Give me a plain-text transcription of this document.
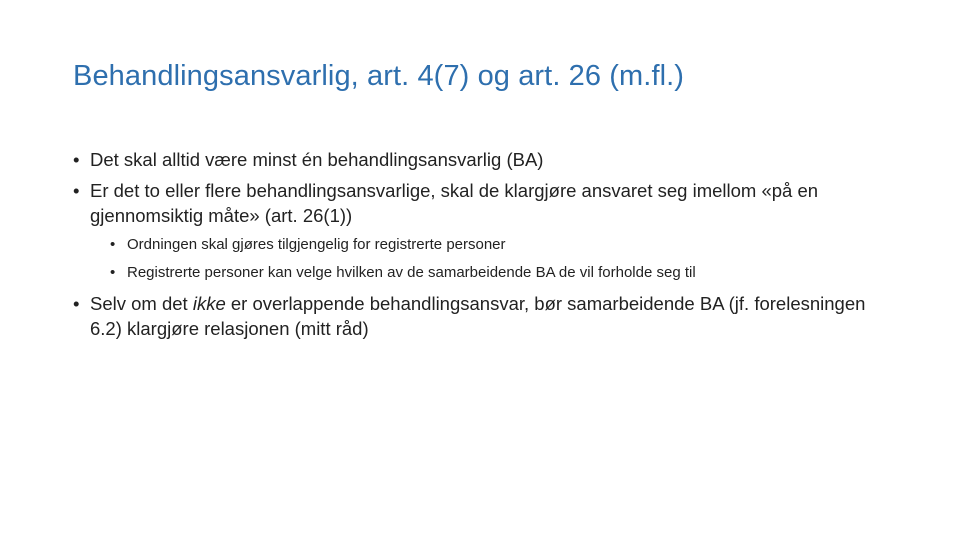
Behandlingsansvarlig, art. 4(7) og art. 26 (m.fl.)
• Det skal alltid være minst én behandlingsansvarlig (BA)
• Er det to eller flere behandlingsansvarlige, skal de klargjøre ansvaret seg imellom «på en gjennomsiktig måte» (art. 26(1))
• Ordningen skal gjøres tilgjengelig for registrerte personer
• Registrerte personer kan velge hvilken av de samarbeidende BA de vil forholde seg til
• Selv om det ikke er overlappende behandlingsansvar, bør samarbeidende BA (jf. forelesningen 6.2) klargjøre relasjonen (mitt råd)
